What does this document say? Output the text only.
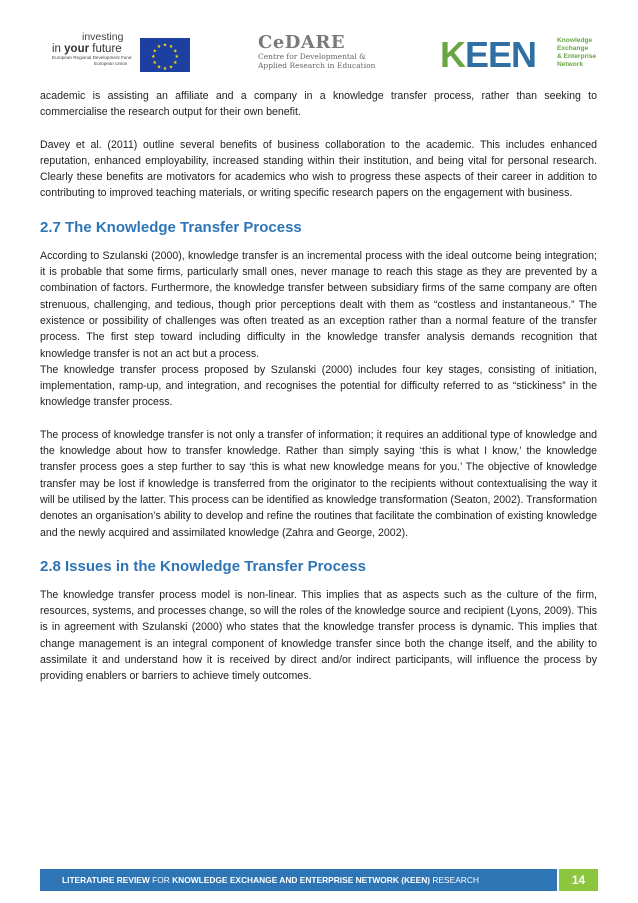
investing
in your future
European Regional Development Fund
European Union
★ ★
★
★
★
★
★
★
★
★
★
★	CeDARE
Centre for Developmental &
Applied Research in Education	KEEN	Knowledge
Exchange
& Enterprise
Network

academic is assisting an affiliate and a company in a knowledge transfer process, rather than seeking to commercialise the research output for their own benefit.

Davey et al. (2011) outline several benefits of business collaboration to the academic. This includes enhanced reputation, enhanced employability, increased standing within their institution, and being vital for personal research. Clearly these benefits are motivators for academics who wish to progress these aspects of their career in addition to contributing to improved teaching materials, or writing specific research papers on the engagement with business.

2.7 The Knowledge Transfer Process

According to Szulanski (2000), knowledge transfer is an incremental process with the ideal outcome being integration; it is probable that some firms, particularly small ones, never manage to reach this stage as they are prevented by a combination of factors. Furthermore, the knowledge transfer between subsidiary firms of the same company are often strenuous, challenging, and tedious, though prior perceptions dealt with them as “costless and instantaneous.” The existence or possibility of challenges was often treated as an exception rather than a normal feature of the transfer process. The first step toward including difficulty in the knowledge transfer analysis demands recognition that knowledge transfer is not an act but a process.

The knowledge transfer process proposed by Szulanski (2000) includes four key stages, consisting of initiation, implementation, ramp-up, and integration, and recognises the potential for difficulty referred to as “stickiness” in the knowledge transfer process.

The process of knowledge transfer is not only a transfer of information; it requires an additional type of knowledge and the knowledge about how to transfer knowledge. Rather than simply saying ‘this is what I know,’ the knowledge transfer process goes a step further to say ‘this is what new knowledge means for you.’ The objective of knowledge transfer may be lost if knowledge is transferred from the originator to the recipients without contextualising the way it will be utilised by the latter. This process can be identified as knowledge transformation (Seaton, 2002). Transformation denotes an organisation’s ability to develop and refine the routines that facilitate the combination of existing knowledge and the newly acquired and assimilated knowledge (Zahra and George, 2002).

2.8 Issues in the Knowledge Transfer Process

The knowledge transfer process model is non-linear. This implies that as aspects such as the culture of the firm, resources, systems, and processes change, so will the roles of the knowledge source and recipient (Lyons, 2009). This is in agreement with Szulanski (2000) who states that the knowledge transfer process is dynamic. This implies that change management is an integral component of knowledge transfer since both the change itself, and the ability to assimilate it and understand how it is received by direct and/or indirect participants, will influence the process by providing enablers or barriers to achieve timely outcomes.

LITERATURE REVIEW FOR KNOWLEDGE EXCHANGE AND ENTERPRISE NETWORK (KEEN) RESEARCH	14
